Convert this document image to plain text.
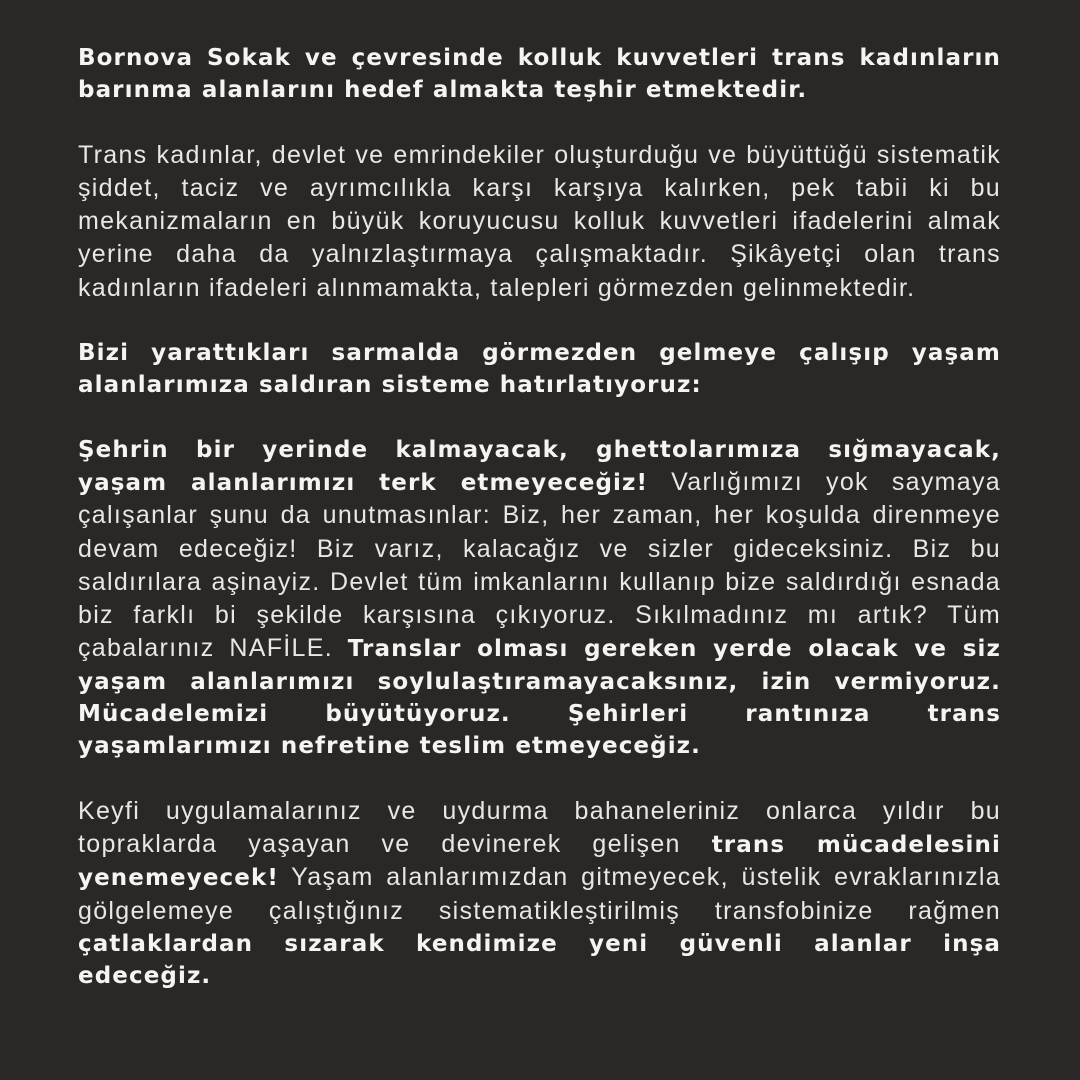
Bornova Sokak ve çevresinde kolluk kuvvetleri trans kadınların barınma alanlarını hedef almakta teşhir etmektedir.

Trans kadınlar, devlet ve emrindekiler oluşturduğu ve büyüttüğü sistematik şiddet, taciz ve ayrımcılıkla karşı karşıya kalırken, pek tabii ki bu mekanizmaların en büyük koruyucusu kolluk kuvvetleri ifadelerini almak yerine daha da yalnızlaştırmaya çalışmaktadır. Şikâyetçi olan trans kadınların ifadeleri alınmamakta, talepleri görmezden gelinmektedir.

Bizi yarattıkları sarmalda görmezden gelmeye çalışıp yaşam alanlarımıza saldıran sisteme hatırlatıyoruz:

Şehrin bir yerinde kalmayacak, ghettolarımıza sığmayacak, yaşam alanlarımızı terk etmeyeceğiz! Varlığımızı yok saymaya çalışanlar şunu da unutmasınlar: Biz, her zaman, her koşulda direnmeye devam edeceğiz! Biz varız, kalacağız ve sizler gideceksiniz. Biz bu saldırılara aşinayiz. Devlet tüm imkanlarını kullanıp bize saldırdığı esnada biz farklı bi şekilde karşısına çıkıyoruz. Sıkılmadınız mı artık? Tüm çabalarınız NAFİLE. Translar olması gereken yerde olacak ve siz yaşam alanlarımızı soylulaştıramayacaksınız, izin vermiyoruz. Mücadelemizi büyütüyoruz. Şehirleri rantınıza trans yaşamlarımızı nefretine teslim etmeyeceğiz.

Keyfi uygulamalarınız ve uydurma bahaneleriniz onlarca yıldır bu topraklarda yaşayan ve devinerek gelişen trans mücadelesini yenemeyecek! Yaşam alanlarımızdan gitmeyecek, üstelik evraklarınızla gölgelemeye çalıştığınız sistematikleştirilmiş transfobinize rağmen çatlaklardan sızarak kendimize yeni güvenli alanlar inşa edeceğiz.
